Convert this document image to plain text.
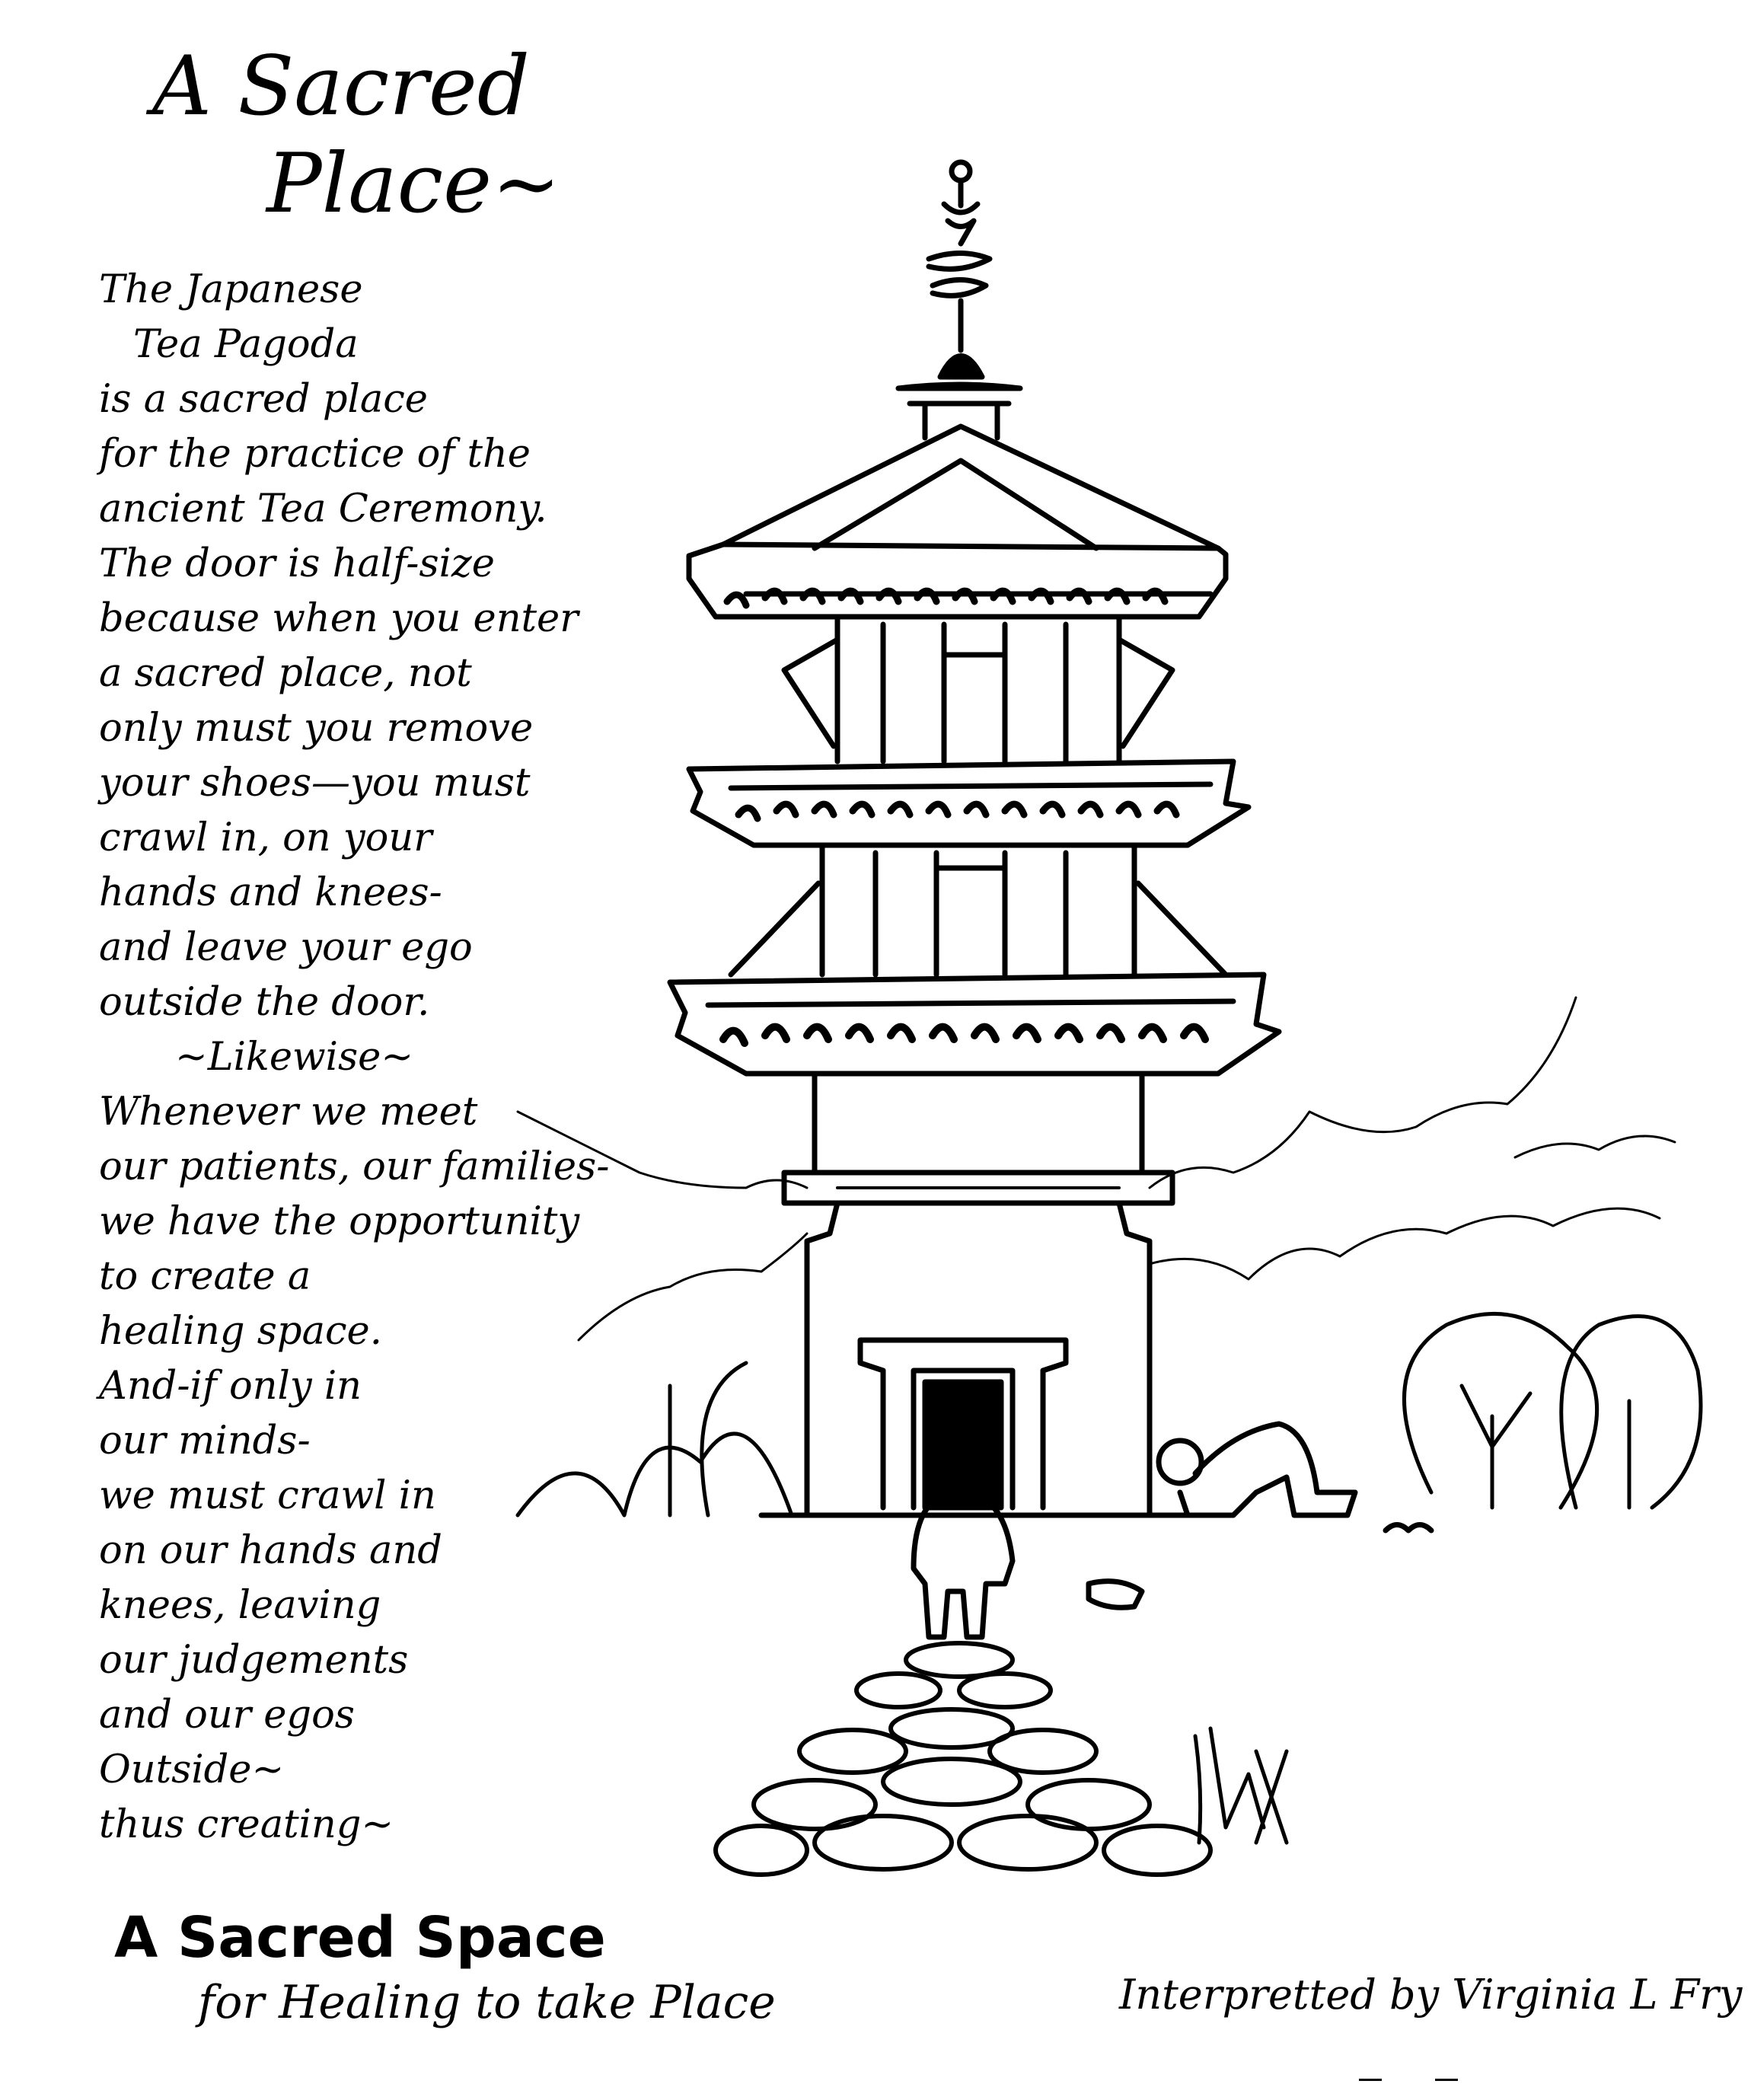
A Sacred
Place~
The Japanese
Tea Pagoda
is a sacred place
for the practice of the
ancient Tea Ceremony.
The door is half-size
because when you enter
a sacred place, not
only must you remove
your shoes—you must
crawl in, on your
hands and knees-
and leave your ego
outside the door.
~Likewise~
Whenever we meet
our patients, our families-
we have the opportunity
to create a
healing space.
And-if only in
our minds-
we must crawl in
on our hands and
knees, leaving
our judgements
and our egos
Outside~
thus creating~
A Sacred Space
for Healing to take Place	Interpretted by Virginia L Fry
